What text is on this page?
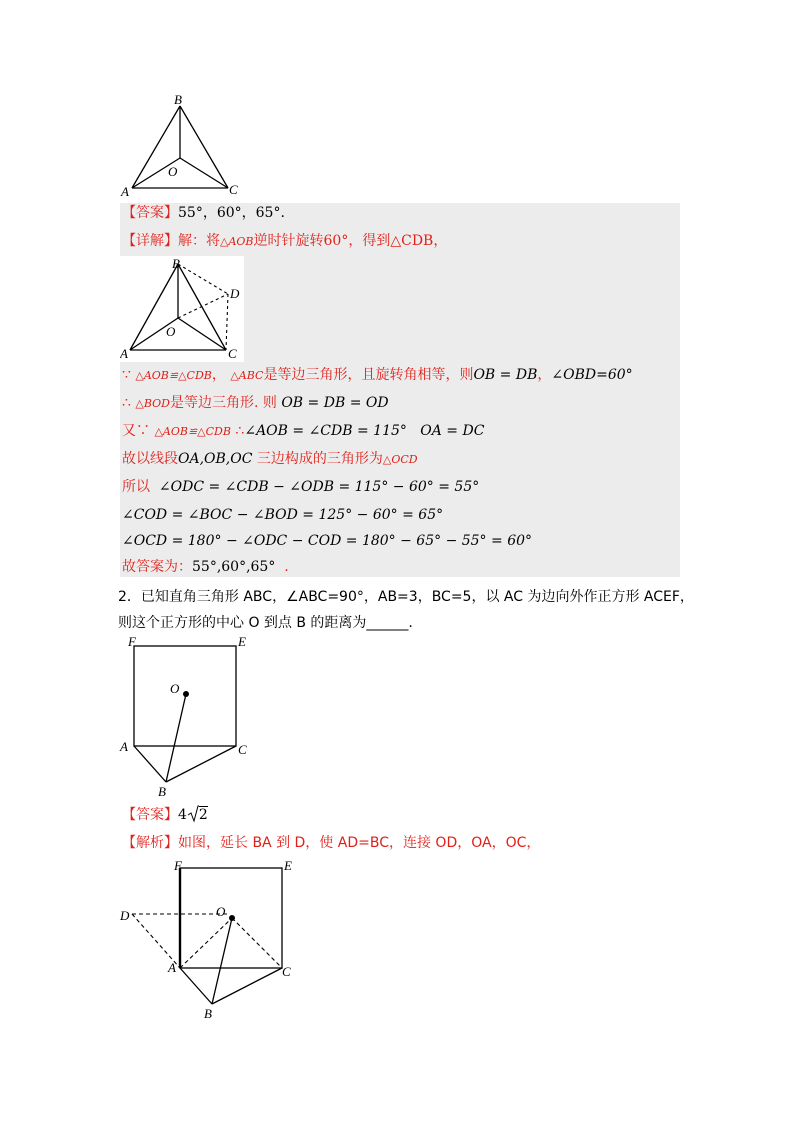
B
A	C
O
【答案】55°，60°，65°.
【详解】解：将△AOB逆时针旋转60°，得到△CDB，
B
D
A	C
O
∵ △AOB≌△CDB， △ABC是等边三角形，且旋转角相等，则OB = DB，∠OBD=60°
∴ △BOD是等边三角形. 则 OB = DB = OD
又∵ △AOB≌△CDB ∴∠AOB = ∠CDB = 115° OA = DC
故以线段OA,OB,OC 三边构成的三角形为△OCD
所以 ∠ODC = ∠CDB − ∠ODB = 115° − 60° = 55°
∠COD = ∠BOC − ∠BOD = 125° − 60° = 65°
∠OCD = 180° − ∠ODC − COD = 180° − 65° − 55° = 60°
故答案为：55°,60°,65° .
2．已知直角三角形 ABC，∠ABC=90°，AB=3，BC=5，以 AC 为边向外作正方形 ACEF，
则这个正方形的中心 O 到点 B 的距离为______.
F	E
O
A	C
B
【答案】4 2
【解析】如图，延长 BA 到 D，使 AD=BC，连接 OD，OA，OC，
F	E
D	O
A	C
B
